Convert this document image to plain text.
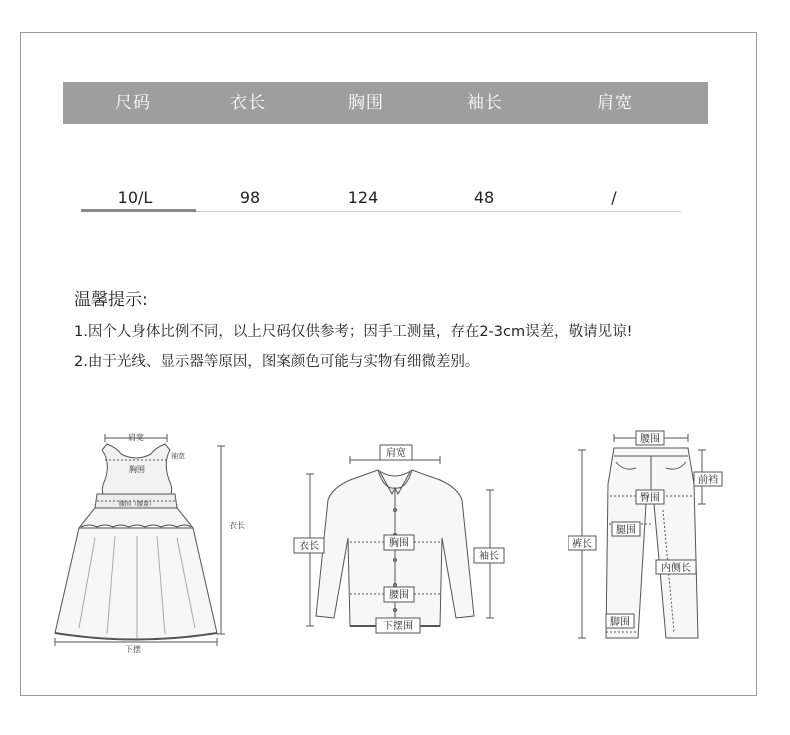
尺码	衣长	胸围	袖长	肩宽
10/L	98	124	48	/
温馨提示:
1.因个人身体比例不同，以上尺码仅供参考；因手工测量，存在2-3cm误差，敬请见谅!
2.由于光线、显示器等原因，图案颜色可能与实物有细微差别。
肩宽
胸围
袖宽
腰围（腰量）
衣长
下摆
肩宽
衣长	胸围
袖长
腰围
下摆围
腰围
前裆
臀围
腿围
裤长
内侧长
脚围
